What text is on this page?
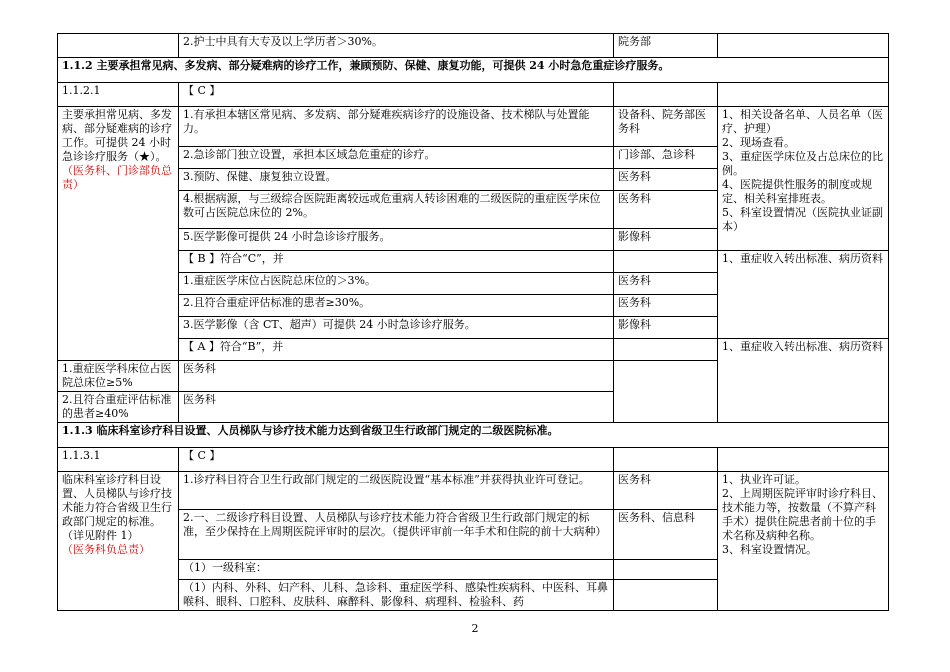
	2.护士中具有大专及以上学历者＞30%。	院务部	
1.1.2 主要承担常见病、多发病、部分疑难病的诊疗工作，兼顾预防、保健、康复功能，可提供 24 小时急危重症诊疗服务。			
1.1.2.1	【 C 】		
主要承担常见病、多发病、部分疑难病的诊疗工作。可提供 24 小时急诊诊疗服务（★）。
（医务科、门诊部负总责）	1.有承担本辖区常见病、多发病、部分疑难疾病诊疗的设施设备、技术梯队与处置能力。	设备科、院务部医务科	1、相关设备名单、人员名单（医疗、护理）
2、现场查看。
3、重症医学床位及占总床位的比例。
4、医院提供性服务的制度或规定、相关科室排班表。
5、科室设置情况（医院执业证副本）
	2.急诊部门独立设置，承担本区域急危重症的诊疗。	门诊部、急诊科	
	3.预防、保健、康复独立设置。	医务科	
	4.根据病源，与三级综合医院距离较远或危重病人转诊困难的二级医院的重症医学床位数可占医院总床位的 2%。	医务科	
	5.医学影像可提供 24 小时急诊诊疗服务。	影像科	
	【 B 】符合“C”，并		1、重症收入转出标准、病历资料
	1.重症医学床位占医院总床位的＞3%。	医务科	
	2.且符合重症评估标准的患者≥30%。	医务科	
	3.医学影像（含 CT、超声）可提供 24 小时急诊诊疗服务。	影像科	
	【 A 】符合“B”，并		1、重症收入转出标准、病历资料
1.重症医学科床位占医院总床位≥5%	医务科		
2.且符合重症评估标准的患者≥40%	医务科		
1.1.3 临床科室诊疗科目设置、人员梯队与诊疗技术能力达到省级卫生行政部门规定的二级医院标准。			
1.1.3.1	【 C 】		
临床科室诊疗科目设置、人员梯队与诊疗技术能力符合省级卫生行政部门规定的标准。（详见附件 1）
（医务科负总责）	1.诊疗科目符合卫生行政部门规定的二级医院设置“基本标准”并获得执业许可登记。	医务科	1、执业许可证。
2、上周期医院评审时诊疗科目、技术能力等，按数量（不算产科手术）提供住院患者前十位的手术名称及病种名称。
3、科室设置情况。
	2.一、二级诊疗科目设置、人员梯队与诊疗技术能力符合省级卫生行政部门规定的标准，至少保持在上周期医院评审时的层次。（提供评审前一年手术和住院的前十大病种）	医务科、信息科	
	（1）一级科室：		
	（1）内科、外科、妇产科、儿科、急诊科、重症医学科、感染性疾病科、中医科、耳鼻喉科、眼科、口腔科、皮肤科、麻醉科、影像科、病理科、检验科、药		
2
